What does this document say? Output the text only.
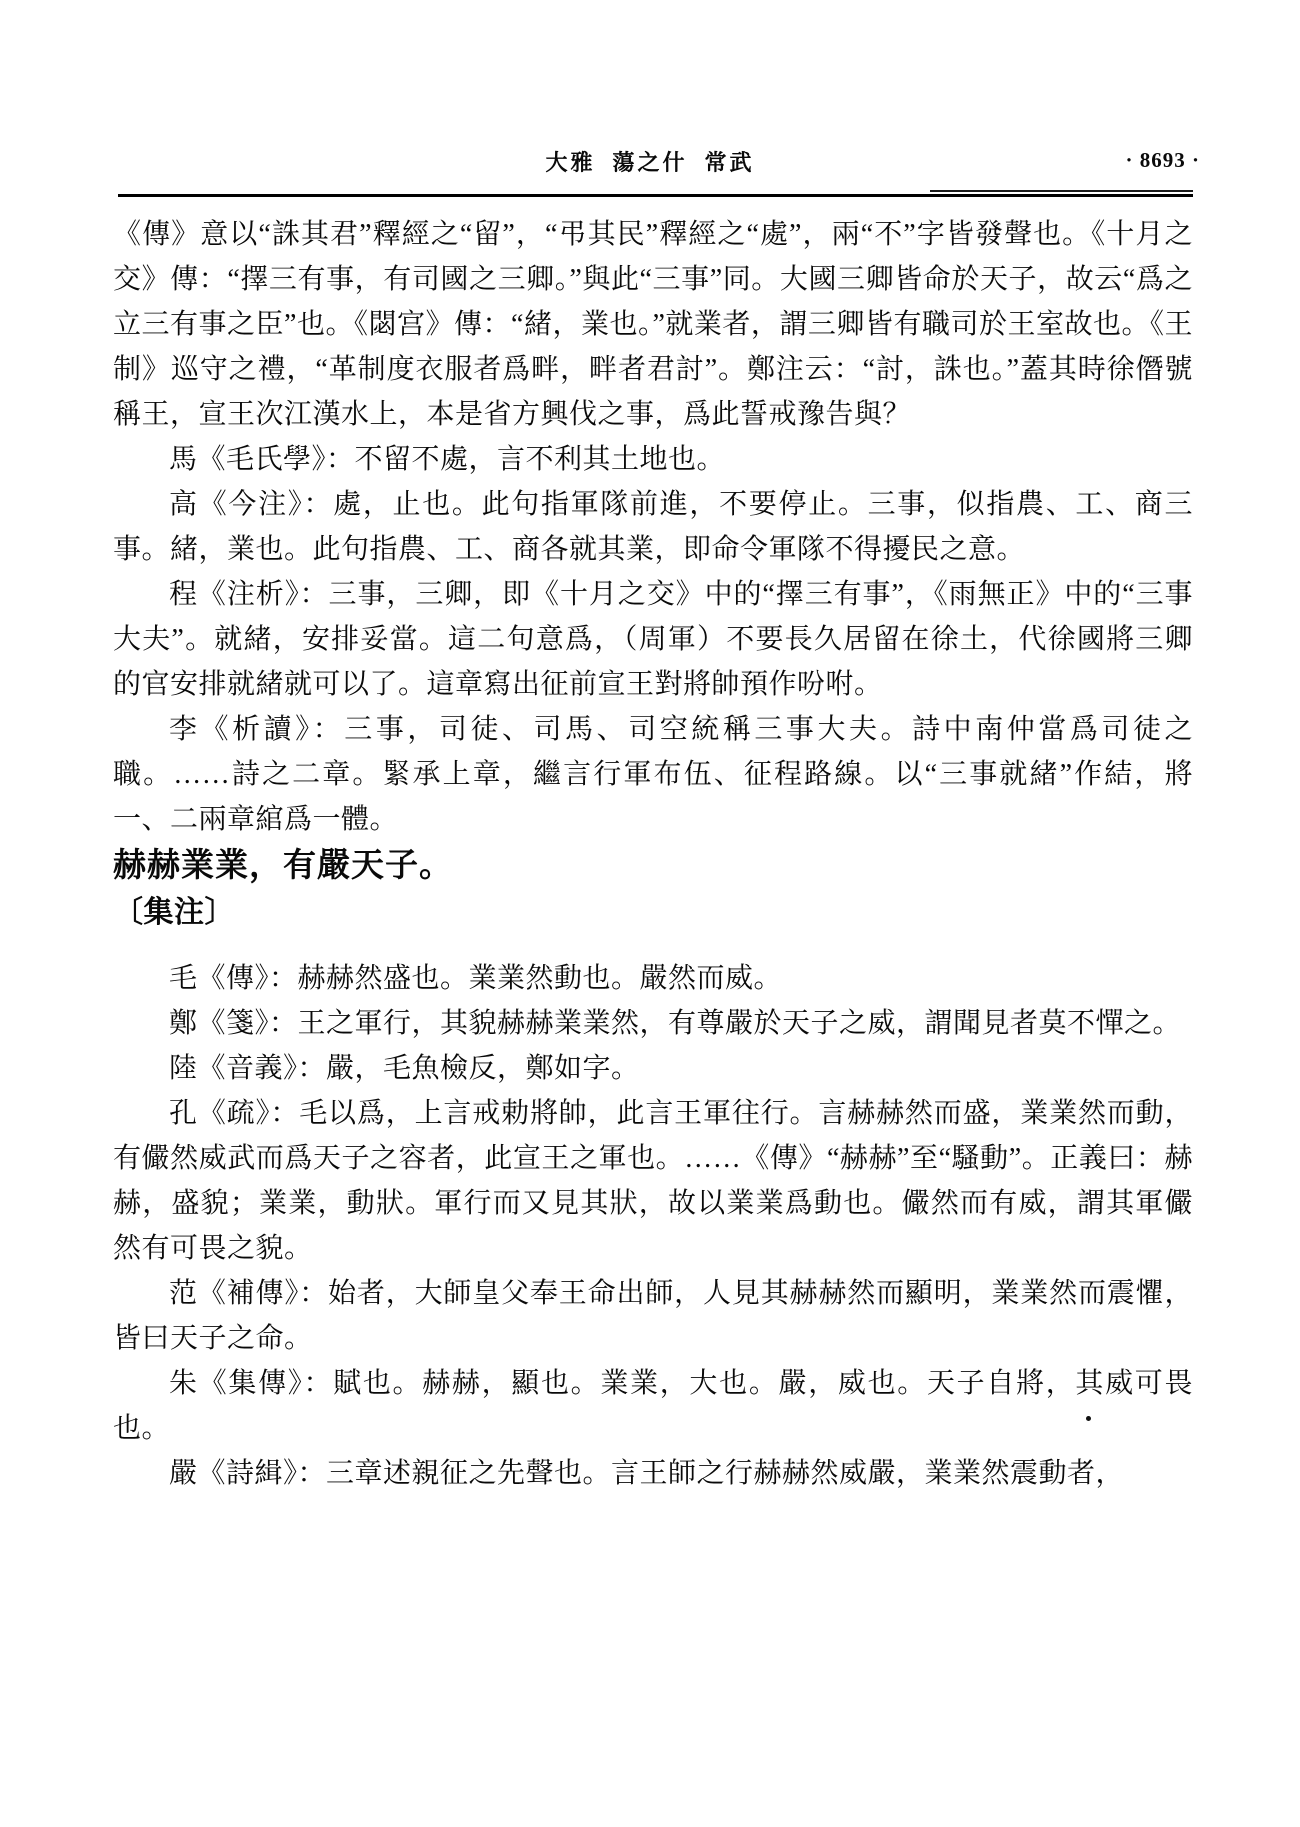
大雅  蕩之什  常武	· 8693 ·

《傳》意以“誅其君”釋經之“留”，“弔其民”釋經之“處”，兩“不”字皆發聲也。《十月之交》傳：“擇三有事，有司國之三卿。”與此“三事”同。大國三卿皆命於天子，故云“爲之立三有事之臣”也。《閟宫》傳：“緒，業也。”就業者，謂三卿皆有職司於王室故也。《王制》巡守之禮，“革制度衣服者爲畔，畔者君討”。鄭注云：“討，誅也。”蓋其時徐僭號稱王，宣王次江漢水上，本是省方興伐之事，爲此誓戒豫告與？

馬《毛氏學》：不留不處，言不利其土地也。

高《今注》：處，止也。此句指軍隊前進，不要停止。三事，似指農、工、商三事。緒，業也。此句指農、工、商各就其業，即命令軍隊不得擾民之意。

程《注析》：三事，三卿，即《十月之交》中的“擇三有事”，《雨無正》中的“三事大夫”。就緒，安排妥當。這二句意爲，（周軍）不要長久居留在徐土，代徐國將三卿的官安排就緒就可以了。這章寫出征前宣王對將帥預作吩咐。

李《析讀》：三事，司徒、司馬、司空統稱三事大夫。詩中南仲當爲司徒之職。……詩之二章。緊承上章，繼言行軍布伍、征程路線。以“三事就緒”作結，將一、二兩章綰爲一體。

赫赫業業，有嚴天子。

〔集注〕

毛《傳》：赫赫然盛也。業業然動也。嚴然而威。

鄭《箋》：王之軍行，其貌赫赫業業然，有尊嚴於天子之威，謂聞見者莫不憚之。

陸《音義》：嚴，毛魚檢反，鄭如字。

孔《疏》：毛以爲，上言戒勅將帥，此言王軍往行。言赫赫然而盛，業業然而動，有儼然威武而爲天子之容者，此宣王之軍也。……《傳》“赫赫”至“騷動”。正義曰：赫赫，盛貌；業業，動狀。軍行而又見其狀，故以業業爲動也。儼然而有威，謂其軍儼然有可畏之貌。

范《補傳》：始者，大師皇父奉王命出師，人見其赫赫然而顯明，業業然而震懼，皆曰天子之命。

朱《集傳》：賦也。赫赫，顯也。業業，大也。嚴，威也。天子自將，其威可畏也。

嚴《詩緝》：三章述親征之先聲也。言王師之行赫赫然威嚴，業業然震動者，
